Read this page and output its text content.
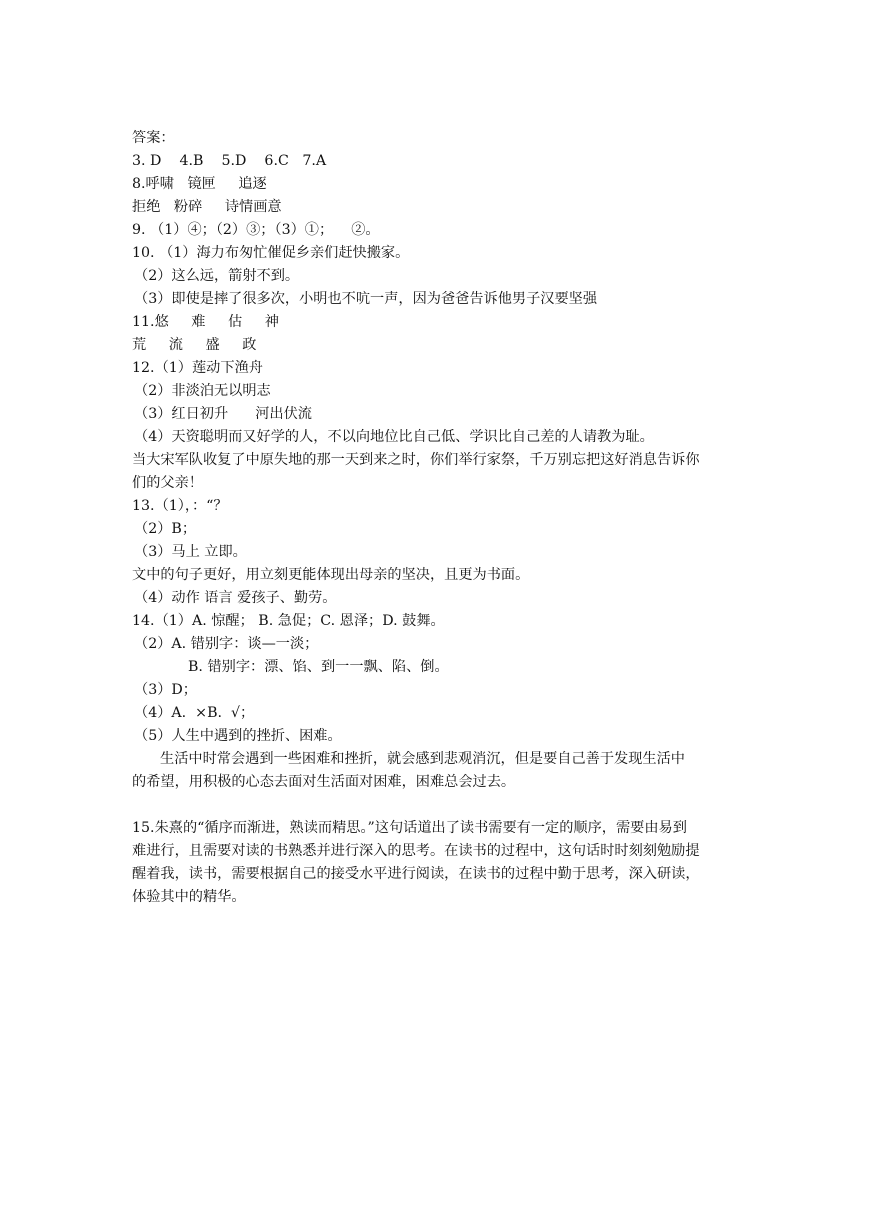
答案：
3. D    4.B    5.D    6.C   7.A
8.呼啸   镜匣     追逐
拒绝   粉碎     诗情画意
9. （1）④；（2）③；（3）①；    ②。
10. （1）海力布匆忙催促乡亲们赶快搬家。
（2）这么远，箭射不到。
（3）即使是摔了很多次，小明也不吭一声，因为爸爸告诉他男子汉要坚强
11.悠     难     估     神
荒     流     盛     政
12.（1）莲动下渔舟
（2）非淡泊无以明志
（3）红日初升      河出伏流
（4）天资聪明而又好学的人，不以向地位比自己低、学识比自己差的人请教为耻。
当大宋军队收复了中原失地的那一天到来之时，你们举行家祭，千万别忘把这好消息告诉你
们的父亲！
13.（1），：“？
（2）B；
（3）马上 立即。
文中的句子更好，用立刻更能体现出母亲的坚决，且更为书面。
（4）动作 语言 爱孩子、勤劳。
14.（1）A. 惊醒； B. 急促；C. 恩泽；D. 鼓舞。
（2）A. 错别字：谈—一淡；
B. 错别字：漂、馅、到一一飘、陷、倒。
（3）D；
（4）A.  ×B.  √；
（5）人生中遇到的挫折、困难。
生活中时常会遇到一些困难和挫折，就会感到悲观消沉，但是要自己善于发现生活中
的希望，用积极的心态去面对生活面对困难，困难总会过去。
15.朱熹的“循序而渐进，熟读而精思。”这句话道出了读书需要有一定的顺序，需要由易到
难进行，且需要对读的书熟悉并进行深入的思考。在读书的过程中，这句话时时刻刻勉励提
醒着我，读书，需要根据自己的接受水平进行阅读，在读书的过程中勤于思考，深入研读，
体验其中的精华。
